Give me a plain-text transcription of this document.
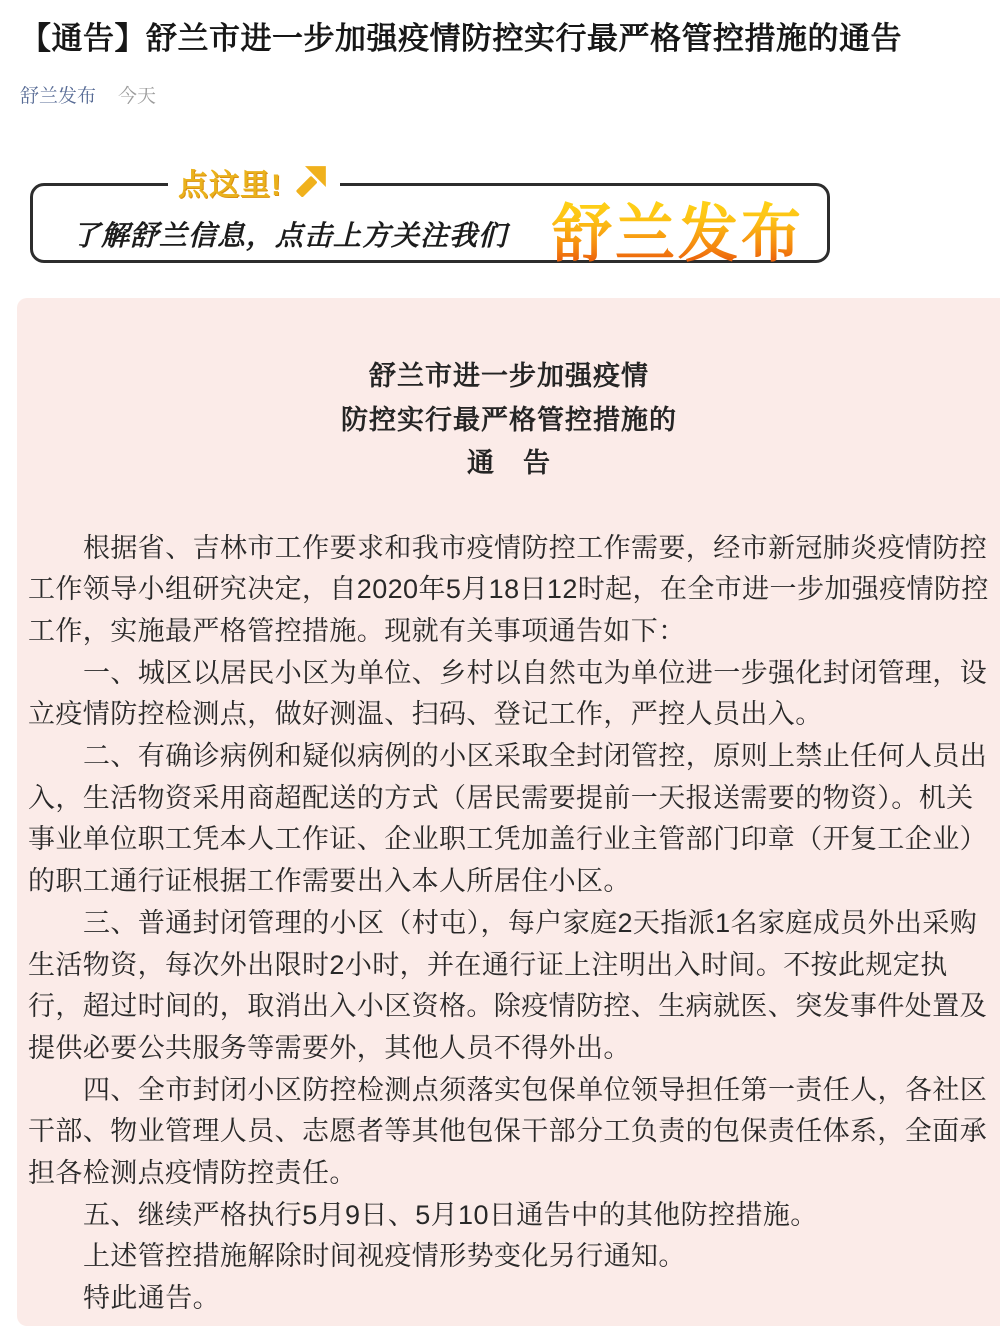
【通告】舒兰市进一步加强疫情防控实行最严格管控措施的通告
舒兰发布 今天
点这里!
了解舒兰信息，点击上方关注我们 舒兰发布
舒兰市进一步加强疫情
防控实行最严格管控措施的
通　告
根据省、吉林市工作要求和我市疫情防控工作需要，经市新冠肺炎疫情防控
工作领导小组研究决定，自2020年5月18日12时起，在全市进一步加强疫情防控
工作，实施最严格管控措施。现就有关事项通告如下：
一、城区以居民小区为单位、乡村以自然屯为单位进一步强化封闭管理，设
立疫情防控检测点，做好测温、扫码、登记工作，严控人员出入。
二、有确诊病例和疑似病例的小区采取全封闭管控，原则上禁止任何人员出
入，生活物资采用商超配送的方式（居民需要提前一天报送需要的物资）。机关
事业单位职工凭本人工作证、企业职工凭加盖行业主管部门印章（开复工企业）
的职工通行证根据工作需要出入本人所居住小区。
三、普通封闭管理的小区（村屯），每户家庭2天指派1名家庭成员外出采购
生活物资，每次外出限时2小时，并在通行证上注明出入时间。不按此规定执
行，超过时间的，取消出入小区资格。除疫情防控、生病就医、突发事件处置及
提供必要公共服务等需要外，其他人员不得外出。
四、全市封闭小区防控检测点须落实包保单位领导担任第一责任人，各社区
干部、物业管理人员、志愿者等其他包保干部分工负责的包保责任体系，全面承
担各检测点疫情防控责任。
五、继续严格执行5月9日、5月10日通告中的其他防控措施。
上述管控措施解除时间视疫情形势变化另行通知。
特此通告。
